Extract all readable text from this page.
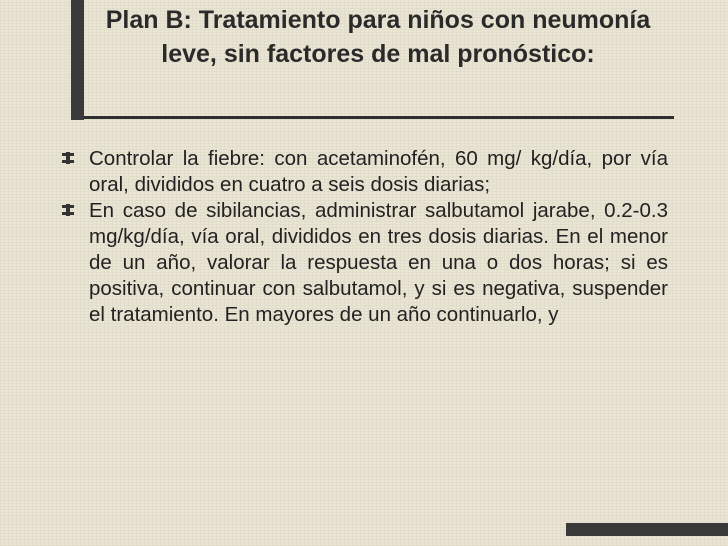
Plan B: Tratamiento para niños con neumonía leve, sin factores de mal pronóstico:
Controlar la fiebre: con acetaminofén, 60 mg/ kg/día, por vía oral, divididos en cuatro a seis dosis diarias;
En caso de sibilancias, administrar salbutamol jarabe, 0.2-0.3 mg/kg/día, vía oral, divididos en tres dosis diarias. En el menor de un año, valorar la respuesta en una o dos horas; si es positiva, continuar con salbutamol, y si es negativa, suspender el tratamiento. En mayores de un año continuarlo, y
